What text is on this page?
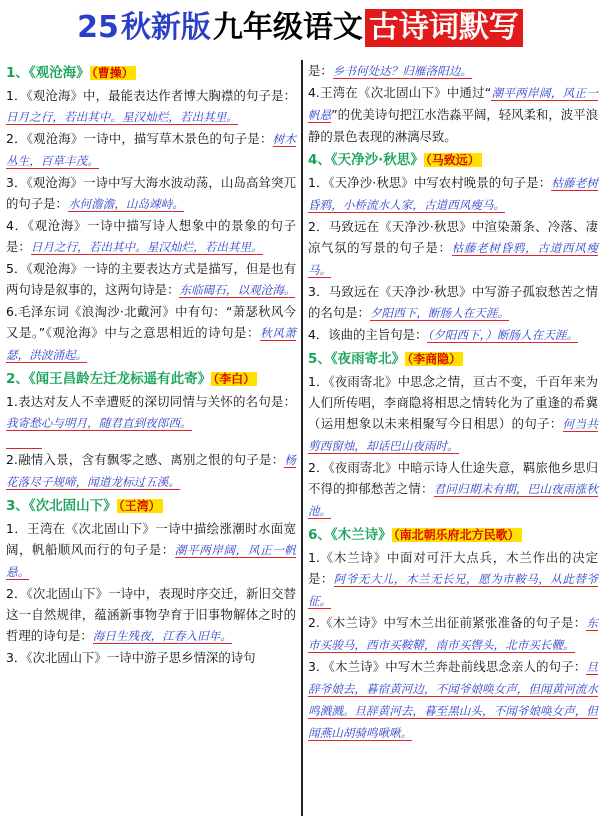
25 秋新版 九年级语文 古诗词默写
1、《观沧海》 （曹操）
1．《观沧海》中，最能表达作者博大胸襟的句子是：日月之行，若出其中。星汉灿烂，若出其里。
2．《观沧海》一诗中，描写草木景色的句子是：树木丛生，百草丰茂。
3．《观沧海》一诗中写大海水波动荡，山岛高耸突兀的句子是：水何澹澹，山岛竦峙。
4．《观沧海》一诗中描写诗人想象中的景象的句子是：日月之行，若出其中。星汉灿烂，若出其里。
5．《观沧海》一诗的主要表达方式是描写，但是也有两句诗是叙事的，这两句诗是：东临碣石，以观沧海。
6.毛泽东词《浪淘沙·北戴河》中有句：“萧瑟秋风今又是。”《观沧海》中与之意思相近的诗句是：秋风萧瑟，洪波涌起。
2、《闻王昌龄左迁龙标遥有此寄》 （李白）
1.表达对友人不幸遭贬的深切同情与关怀的名句是：我寄愁心与明月，随君直到夜郎西。
2.融情入景，含有飘零之感、离别之恨的句子是：杨花落尽子规啼，闻道龙标过五溪。
3、《次北固山下》 （王湾）
1．王湾在《次北固山下》一诗中描绘涨潮时水面宽阔，帆船顺风而行的句子是：潮平两岸阔，风正一帆悬。
2．《次北固山下》一诗中，表现时序交迁，新旧交替这一自然规律，蕴涵新事物孕育于旧事物解体之时的哲理的诗句是：海日生残夜，江春入旧年。
3．《次北固山下》一诗中游子思乡情深的诗句
是：乡书何处达？归雁洛阳边。
4.王湾在《次北固山下》中通过“潮平两岸阔，风正一帆悬”的优美诗句把江水浩淼平阔，轻风柔和，波平浪静的景色表现的淋漓尽致。
4、《天净沙·秋思》 （马致远）
1．《天净沙·秋思》中写农村晚景的句子是：枯藤老树昏鸦，小桥流水人家，古道西风瘦马。
2．马致远在《天净沙·秋思》中渲染萧条、冷落、凄凉气氛的写景的句子是：枯藤老树昏鸦，古道西风瘦马。
3．马致远在《天净沙·秋思》中写游子孤寂愁苦之情的名句是：夕阳西下，断肠人在天涯。
4．该曲的主旨句是：（夕阳西下，）断肠人在天涯。
5、《夜雨寄北》 （李商隐）
1．《夜雨寄北》中思念之情，亘古不变，千百年来为人们所传唱，李商隐将相思之情转化为了重逢的希冀（运用想象以未来相聚写今日相思）的句子：何当共剪西窗烛，却话巴山夜雨时。
2．《夜雨寄北》中暗示诗人仕途失意，羁旅他乡思归不得的抑郁愁苦之情：君问归期未有期，巴山夜雨涨秋池。
6、《木兰诗》 （南北朝乐府北方民歌）
1.《木兰诗》中面对可汗大点兵，木兰作出的决定是：阿爷无大儿，木兰无长兄，愿为市鞍马，从此替爷征。
2.《木兰诗》中写木兰出征前紧张准备的句子是：东市买骏马，西市买鞍鞯，南市买辔头，北市买长鞭。
3．《木兰诗》中写木兰奔赴前线思念亲人的句子：旦辞爷娘去，暮宿黄河边，不闻爷娘唤女声，但闻黄河流水鸣溅溅。旦辞黄河去，暮至黑山头，不闻爷娘唤女声，但闻燕山胡骑鸣啾啾。
